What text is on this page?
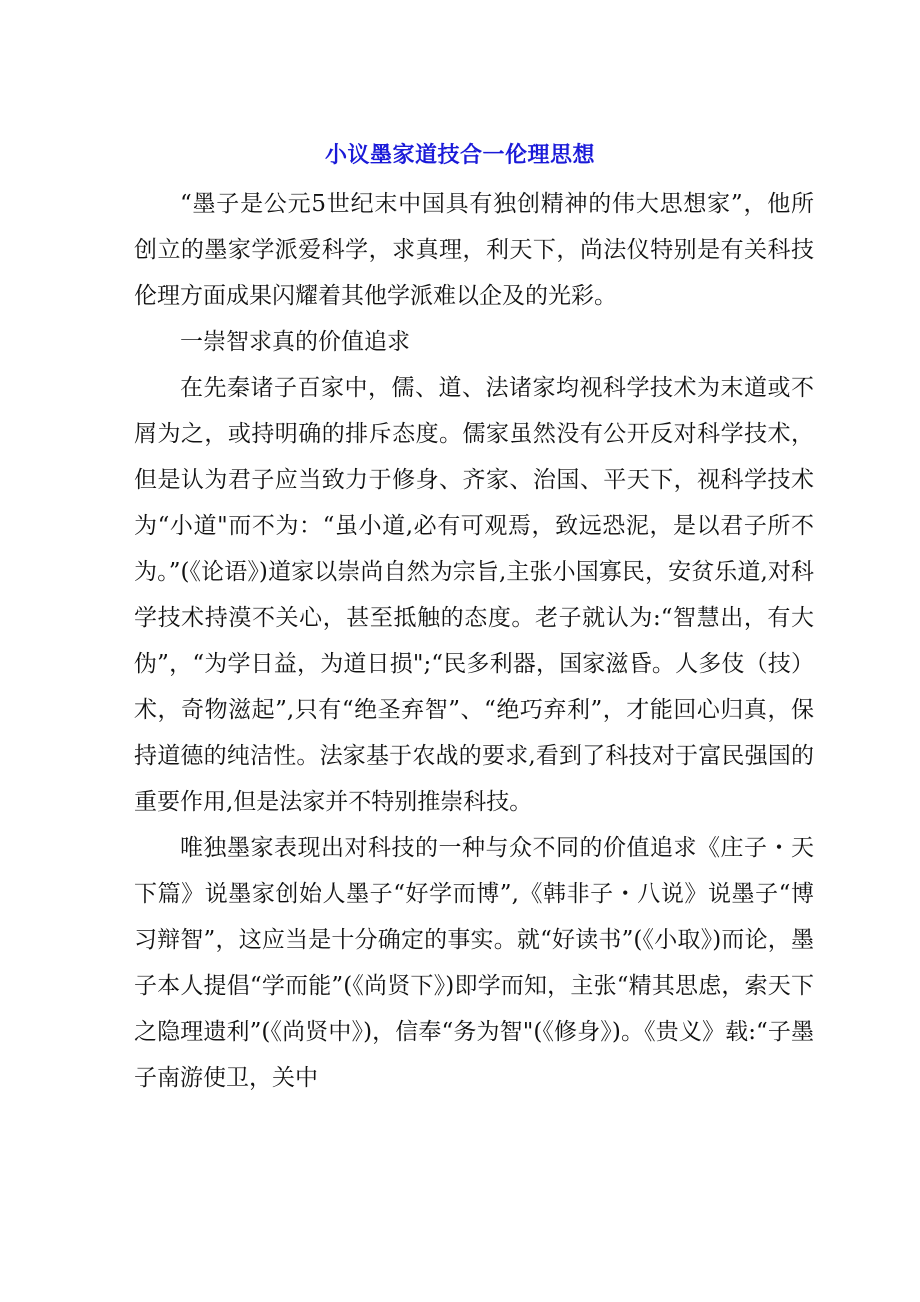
小议墨家道技合一伦理思想

“墨子是公元5世纪末中国具有独创精神的伟大思想家”，他所创立的墨家学派爱科学，求真理，利天下，尚法仪特别是有关科技伦理方面成果闪耀着其他学派难以企及的光彩。

一崇智求真的价值追求

在先秦诸子百家中，儒、道、法诸家均视科学技术为末道或不屑为之，或持明确的排斥态度。儒家虽然没有公开反对科学技术，但是认为君子应当致力于修身、齐家、治国、平天下，视科学技术为“小道"而不为：“虽小道,必有可观焉，致远恐泥，是以君子所不为。”(《论语》)道家以崇尚自然为宗旨,主张小国寡民，安贫乐道,对科学技术持漠不关心，甚至抵触的态度。老子就认为:“智慧出，有大伪”，“为学日益，为道日损";“民多利器，国家滋昏。人多伎（技）术，奇物滋起”,只有“绝圣弃智”、“绝巧弃利”，才能回心归真，保持道德的纯洁性。法家基于农战的要求,看到了科技对于富民强国的重要作用,但是法家并不特别推崇科技。

唯独墨家表现出对科技的一种与众不同的价值追求《庄子・天下篇》说墨家创始人墨子“好学而博”,《韩非子・八说》说墨子“博习辩智”，这应当是十分确定的事实。就“好读书”(《小取》)而论，墨子本人提倡“学而能”(《尚贤下》)即学而知，主张“精其思虑，索天下之隐理遗利”(《尚贤中》)，信奉“务为智"(《修身》)。《贵义》载:“子墨子南游使卫，关中
